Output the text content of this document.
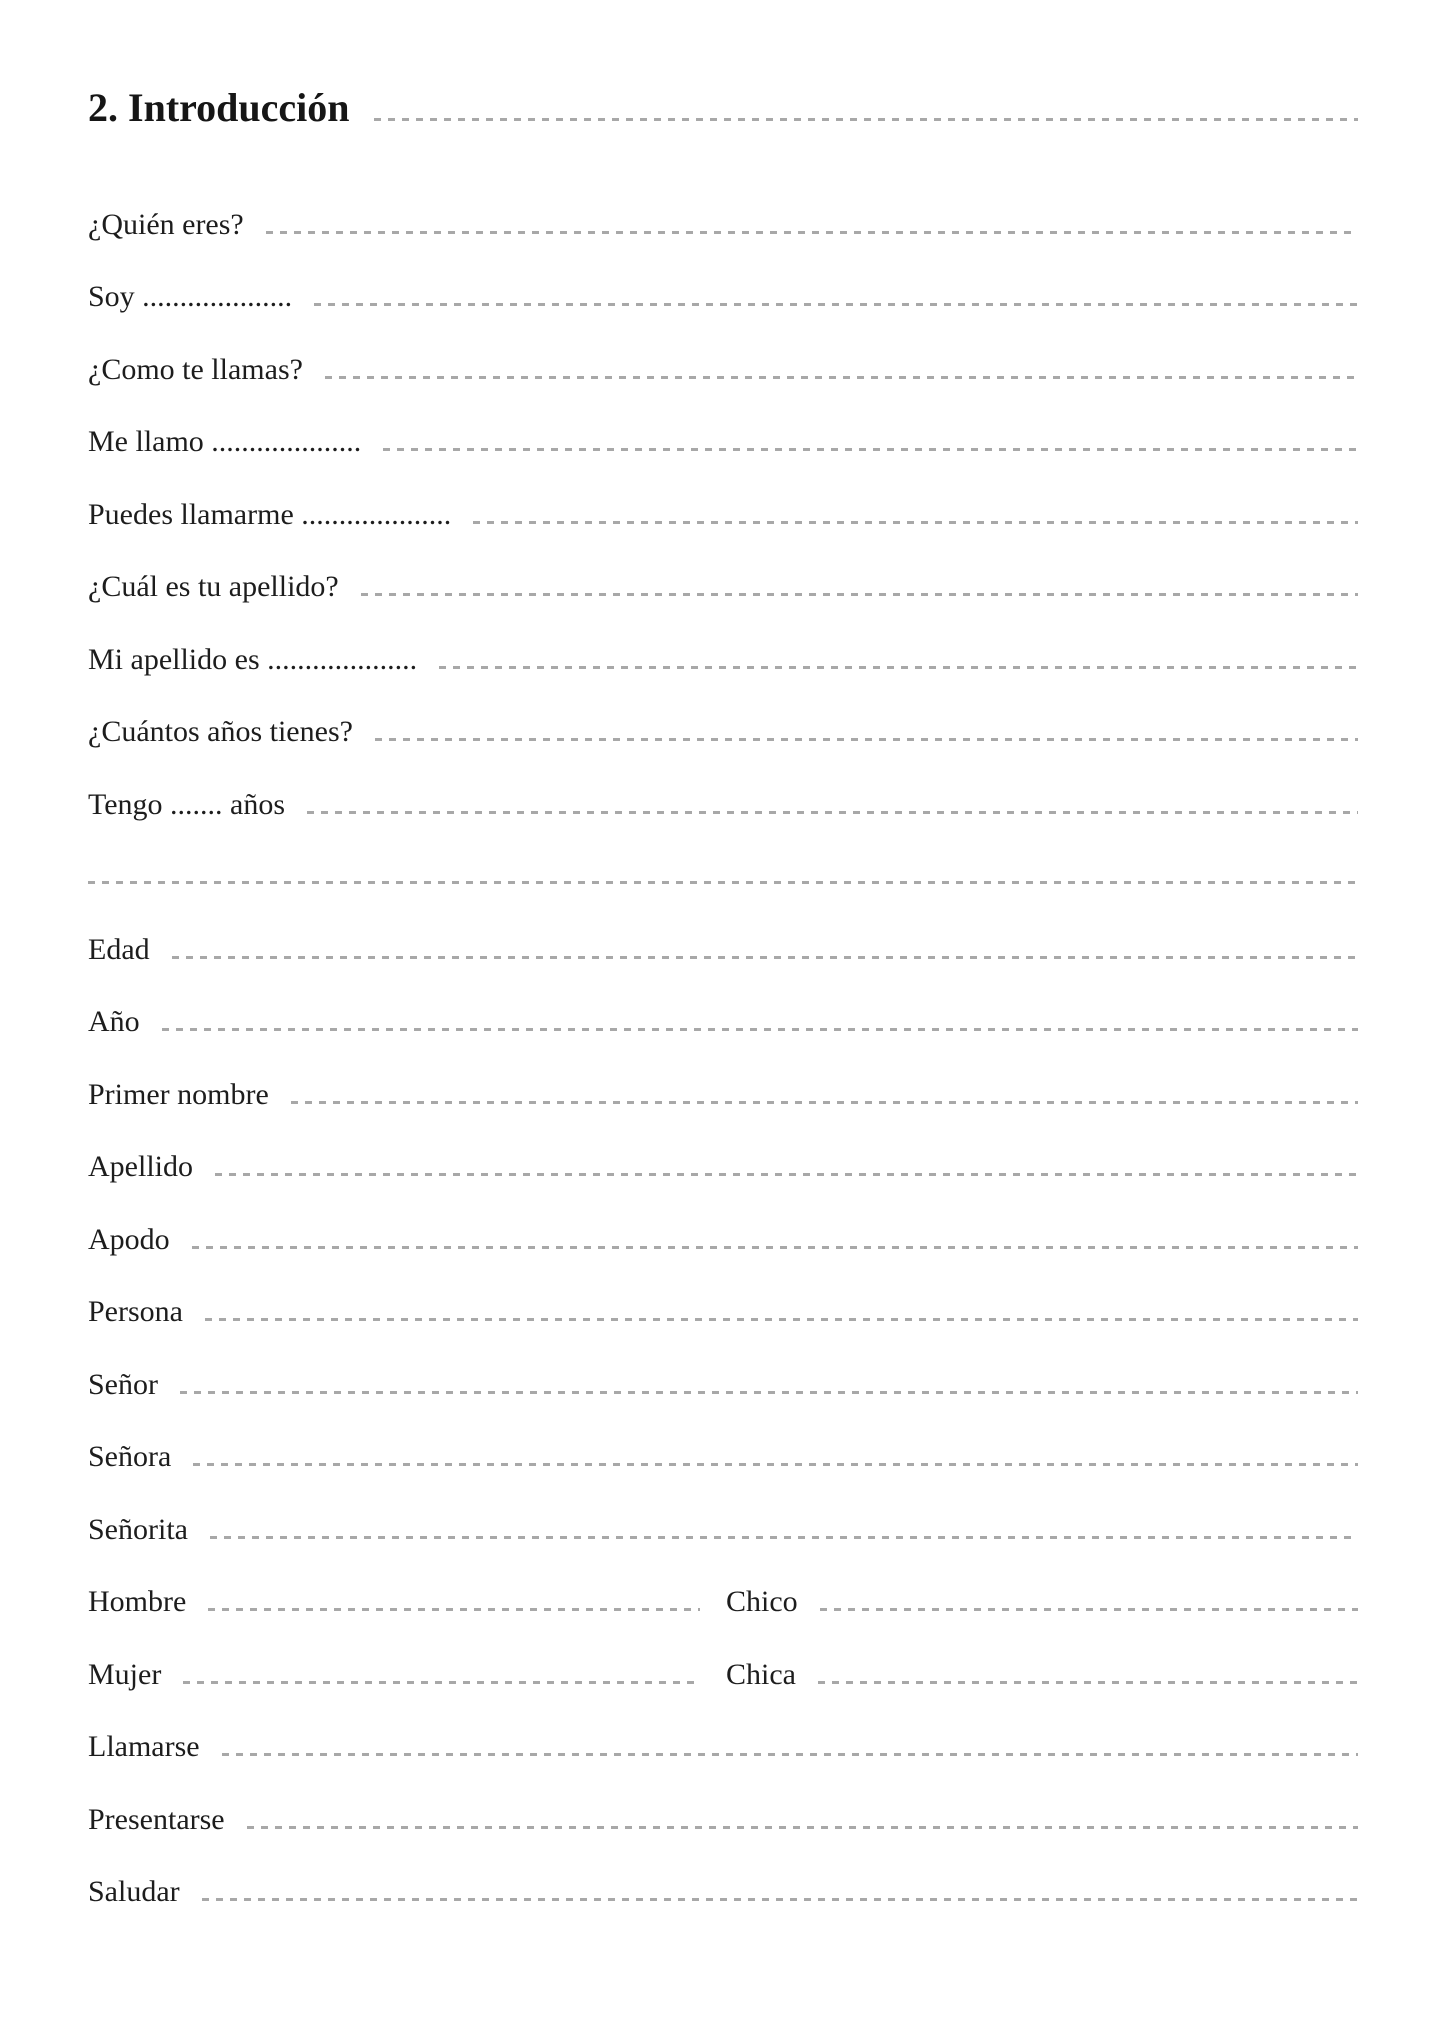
2. Introducción
¿Quién eres?
Soy ....................
¿Como te llamas?
Me llamo ....................
Puedes llamarme ....................
¿Cuál es tu apellido?
Mi apellido es ....................
¿Cuántos años tienes?
Tengo ....... años
Edad
Año
Primer nombre
Apellido
Apodo
Persona
Señor
Señora
Señorita
Hombre	Chico
Mujer	Chica
Llamarse
Presentarse
Saludar
